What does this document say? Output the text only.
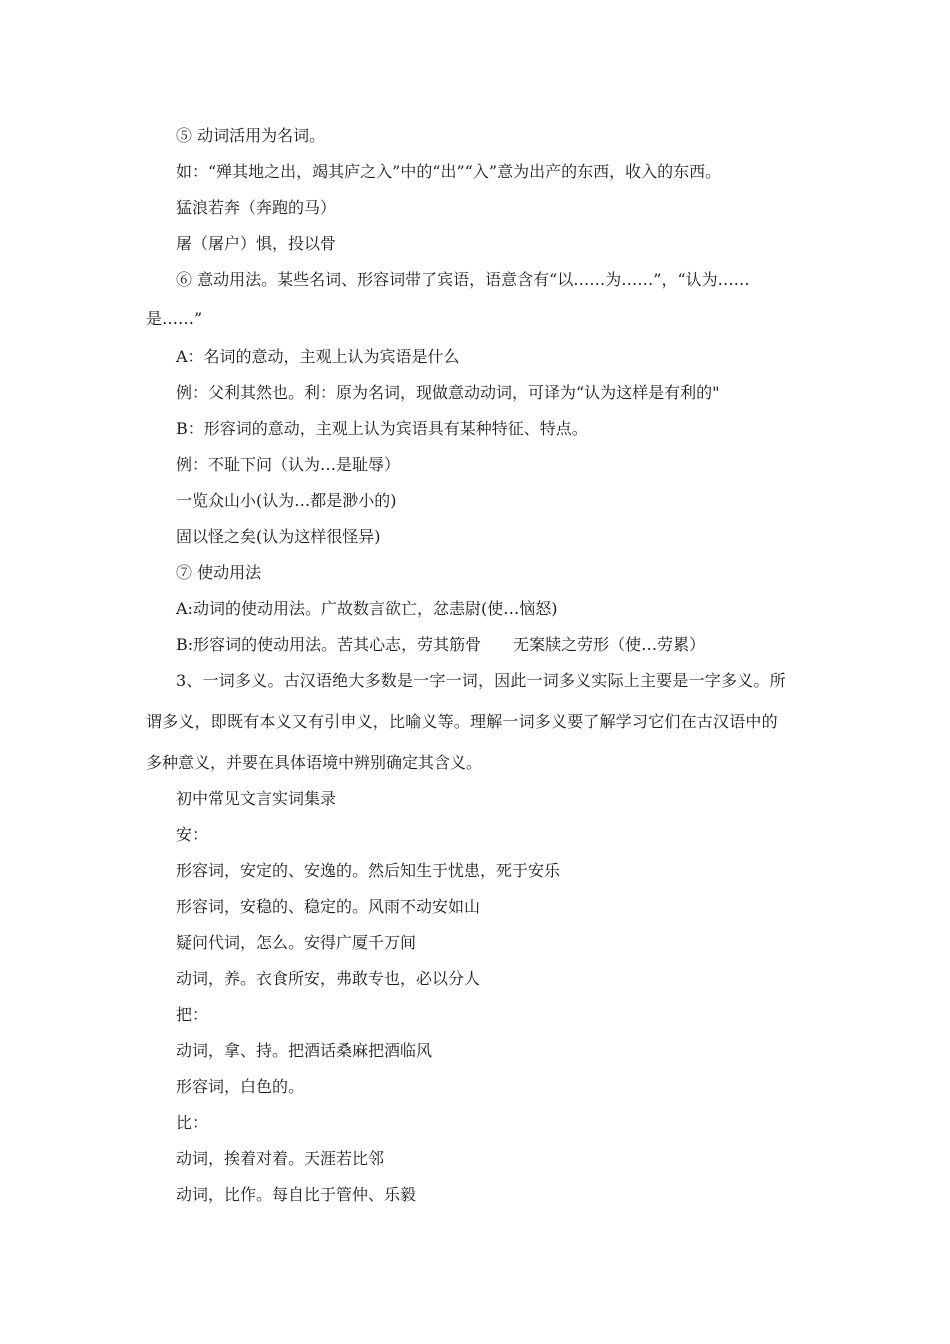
⑤ 动词活用为名词。
如：“殚其地之出，竭其庐之入”中的“出”“入”意为出产的东西，收入的东西。
猛浪若奔（奔跑的马）
屠（屠户）惧，投以骨
⑥ 意动用法。某些名词、形容词带了宾语，语意含有“以……为……”，“认为……
是……”
A：名词的意动，主观上认为宾语是什么
例：父利其然也。利：原为名词，现做意动动词，可译为“认为这样是有利的"
B：形容词的意动，主观上认为宾语具有某种特征、特点。
例：不耻下问（认为…是耻辱）
一览众山小(认为…都是渺小的)
固以怪之矣(认为这样很怪异)
⑦ 使动用法
A:动词的使动用法。广故数言欲亡，忿恚尉(使…恼怒)
B:形容词的使动用法。苦其心志，劳其筋骨　　无案牍之劳形（使…劳累）
3、一词多义。古汉语绝大多数是一字一词，因此一词多义实际上主要是一字多义。所
谓多义，即既有本义又有引申义，比喻义等。理解一词多义要了解学习它们在古汉语中的
多种意义，并要在具体语境中辨别确定其含义。
初中常见文言实词集录
安：
形容词，安定的、安逸的。然后知生于忧患，死于安乐
形容词，安稳的、稳定的。风雨不动安如山
疑问代词，怎么。安得广厦千万间
动词，养。衣食所安，弗敢专也，必以分人
把：
动词，拿、持。把酒话桑麻把酒临风
形容词，白色的。
比：
动词，挨着对着。天涯若比邻
动词，比作。每自比于管仲、乐毅
